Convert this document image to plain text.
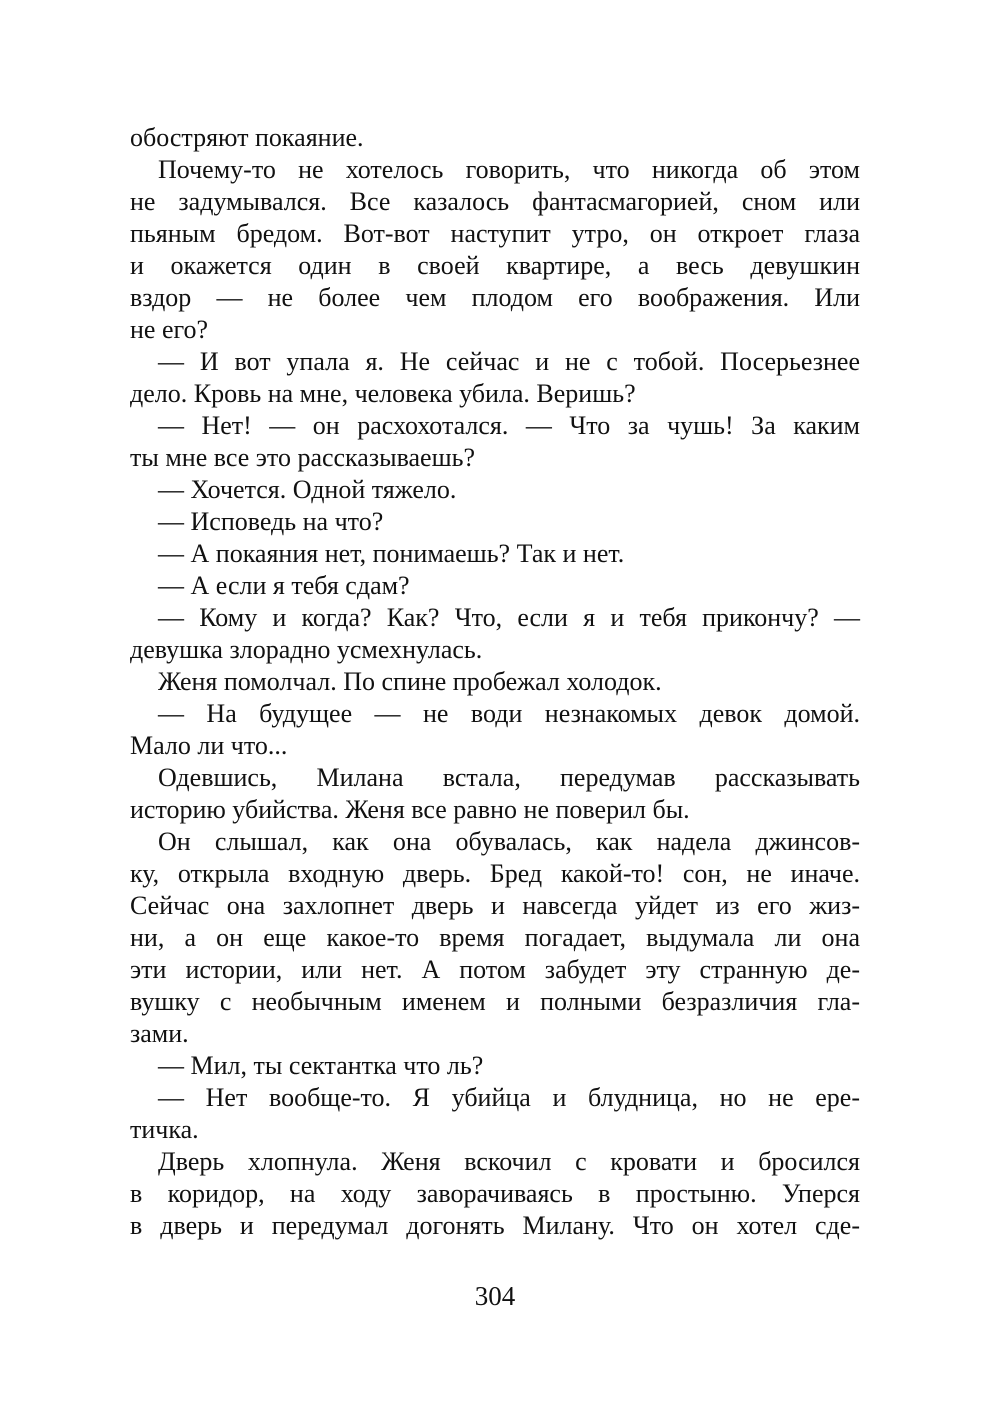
обостряют покаяние.
Почему-то не хотелось говорить, что никогда об этом
не задумывался. Все казалось фантасмагорией, сном или
пьяным бредом. Вот-вот наступит утро, он откроет глаза
и окажется один в своей квартире, а весь девушкин
вздор — не более чем плодом его воображения. Или
не его?
— И вот упала я. Не сейчас и не с тобой. Посерьезнее
дело. Кровь на мне, человека убила. Веришь?
— Нет! — он расхохотался. — Что за чушь! За каким
ты мне все это рассказываешь?
— Хочется. Одной тяжело.
— Исповедь на что?
— А покаяния нет, понимаешь? Так и нет.
— А если я тебя сдам?
— Кому и когда? Как? Что, если я и тебя прикончу? —
девушка злорадно усмехнулась.
Женя помолчал. По спине пробежал холодок.
— На будущее — не води незнакомых девок домой.
Мало ли что...
Одевшись, Милана встала, передумав рассказывать
историю убийства. Женя все равно не поверил бы.
Он слышал, как она обувалась, как надела джинсов-
ку, открыла входную дверь. Бред какой-то! сон, не иначе.
Сейчас она захлопнет дверь и навсегда уйдет из его жиз-
ни, а он еще какое-то время погадает, выдумала ли она
эти истории, или нет. А потом забудет эту странную де-
вушку с необычным именем и полными безразличия гла-
зами.
— Мил, ты сектантка что ль?
— Нет вообще-то. Я убийца и блудница, но не ере-
тичка.
Дверь хлопнула. Женя вскочил с кровати и бросился
в коридор, на ходу заворачиваясь в простыню. Уперся
в дверь и передумал догонять Милану. Что он хотел сде-
304
